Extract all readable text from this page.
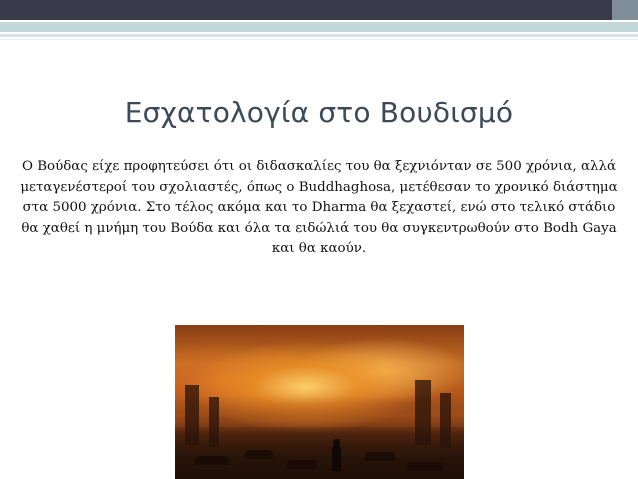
Εσχατολογία στο Βουδισμό
Ο Βούδας είχε προφητεύσει ότι οι διδασκαλίες του θα ξεχνιόνταν σε 500 χρόνια, αλλά μεταγενέστεροί του σχολιαστές, όπως ο Buddhaghosa, μετέθεσαν το χρονικό διάστημα στα 5000 χρόνια. Στο τέλος ακόμα και το Dharma θα ξεχαστεί, ενώ στο τελικό στάδιο θα χαθεί η μνήμη του Βούδα και όλα τα ειδώλιά του θα συγκεντρωθούν στο Bodh Gaya και θα καούν.
